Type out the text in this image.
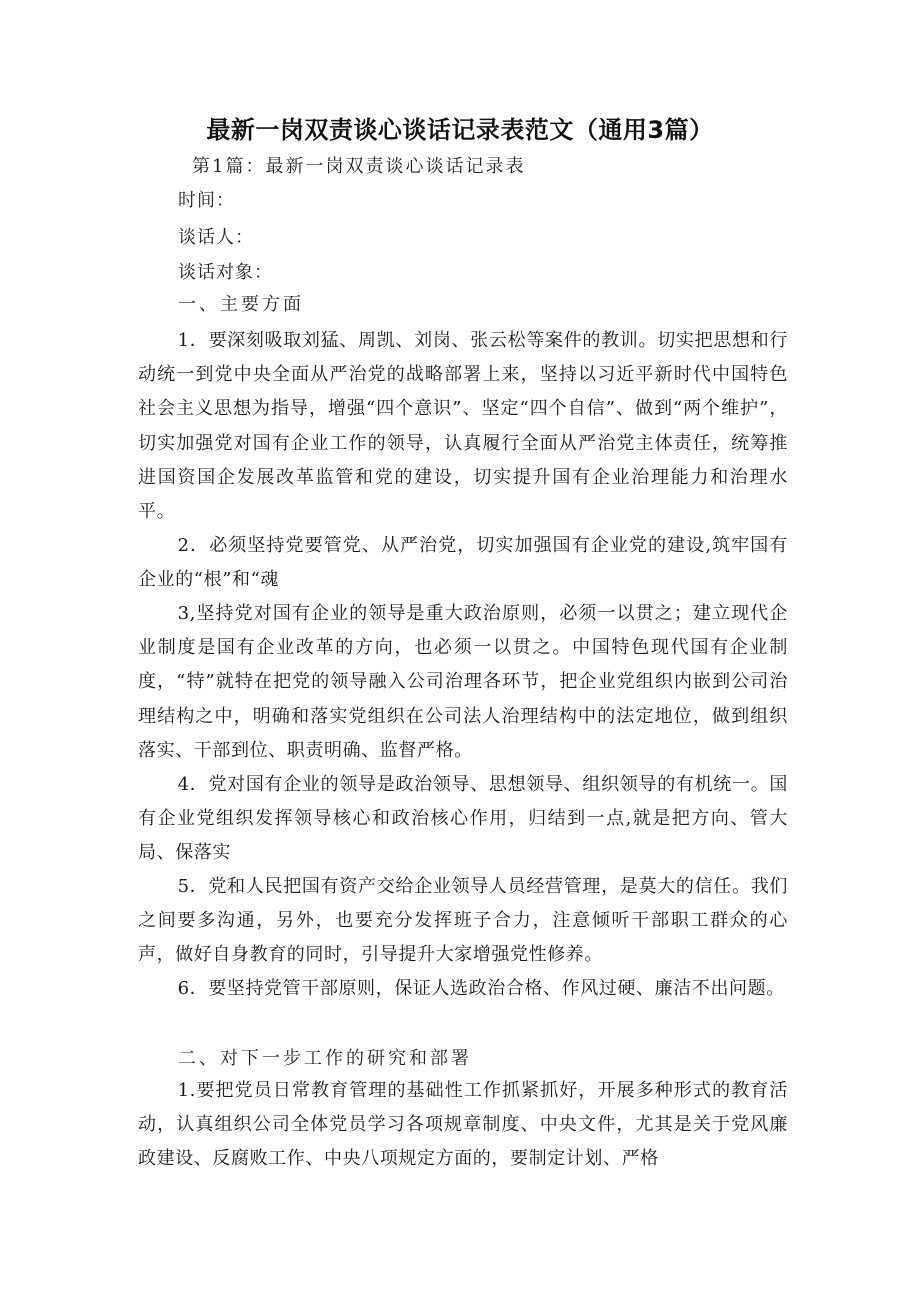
最新一岗双责谈心谈话记录表范文（通用3篇）
第1篇：最新一岗双责谈心谈话记录表
时间：
谈话人：
谈话对象：
一、主要方面

1．要深刻吸取刘猛、周凯、刘岗、张云松等案件的教训。切实把思想和行动统一到党中央全面从严治党的战略部署上来，坚持以习近平新时代中国特色社会主义思想为指导，增强“四个意识”、坚定“四个自信”、做到“两个维护”，切实加强党对国有企业工作的领导，认真履行全面从严治党主体责任，统筹推进国资国企发展改革监管和党的建设，切实提升国有企业治理能力和治理水平。

2．必须坚持党要管党、从严治党，切实加强国有企业党的建设,筑牢国有企业的“根”和“魂

3,坚持党对国有企业的领导是重大政治原则，必须一以贯之；建立现代企业制度是国有企业改革的方向，也必须一以贯之。中国特色现代国有企业制度，“特”就特在把党的领导融入公司治理各环节，把企业党组织内嵌到公司治理结构之中，明确和落实党组织在公司法人治理结构中的法定地位，做到组织落实、干部到位、职责明确、监督严格。

4．党对国有企业的领导是政治领导、思想领导、组织领导的有机统一。国有企业党组织发挥领导核心和政治核心作用，归结到一点,就是把方向、管大局、保落实

5．党和人民把国有资产交给企业领导人员经营管理，是莫大的信任。我们之间要多沟通，另外，也要充分发挥班子合力，注意倾听干部职工群众的心声，做好自身教育的同时，引导提升大家增强党性修养。

6．要坚持党管干部原则，保证人选政治合格、作风过硬、廉洁不出问题。

二、对下一步工作的研究和部署

1.要把党员日常教育管理的基础性工作抓紧抓好，开展多种形式的教育活动，认真组织公司全体党员学习各项规章制度、中央文件，尤其是关于党风廉政建设、反腐败工作、中央八项规定方面的，要制定计划、严格
